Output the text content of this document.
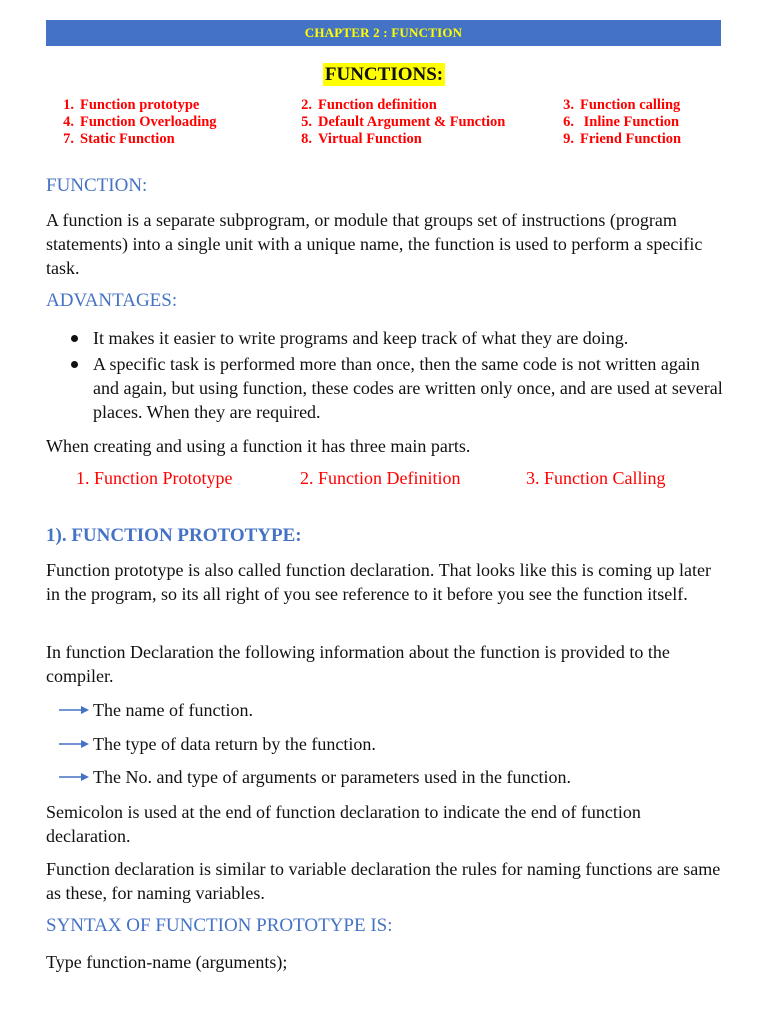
CHAPTER 2 : FUNCTION
FUNCTIONS:
1. Function prototype	2. Function definition	3. Function calling
4. Function Overloading	5. Default Argument & Function	6. Inline Function
7. Static Function	8. Virtual Function	9. Friend Function
FUNCTION:
A function is a separate subprogram, or module that groups set of instructions (program statements) into a single unit with a unique name, the function is used to perform a specific task.
ADVANTAGES:
It makes it easier to write programs and keep track of what they are doing.
A specific task is performed more than once, then the same code is not written again and again, but using function, these codes are written only once, and are used at several places. When they are required.
When creating and using a function it has three main parts.
1. Function Prototype	2. Function Definition	3. Function Calling
1). FUNCTION PROTOTYPE:
Function prototype is also called function declaration. That looks like this is coming up later in the program, so its all right of you see reference to it before you see the function itself.
In function Declaration the following information about the function is provided to the compiler.
The name of function.
The type of data return by the function.
The No. and type of arguments or parameters used in the function.
Semicolon is used at the end of function declaration to indicate the end of function declaration.
Function declaration is similar to variable declaration the rules for naming functions are same as these, for naming variables.
SYNTAX OF FUNCTION PROTOTYPE IS:
Type function-name (arguments);
